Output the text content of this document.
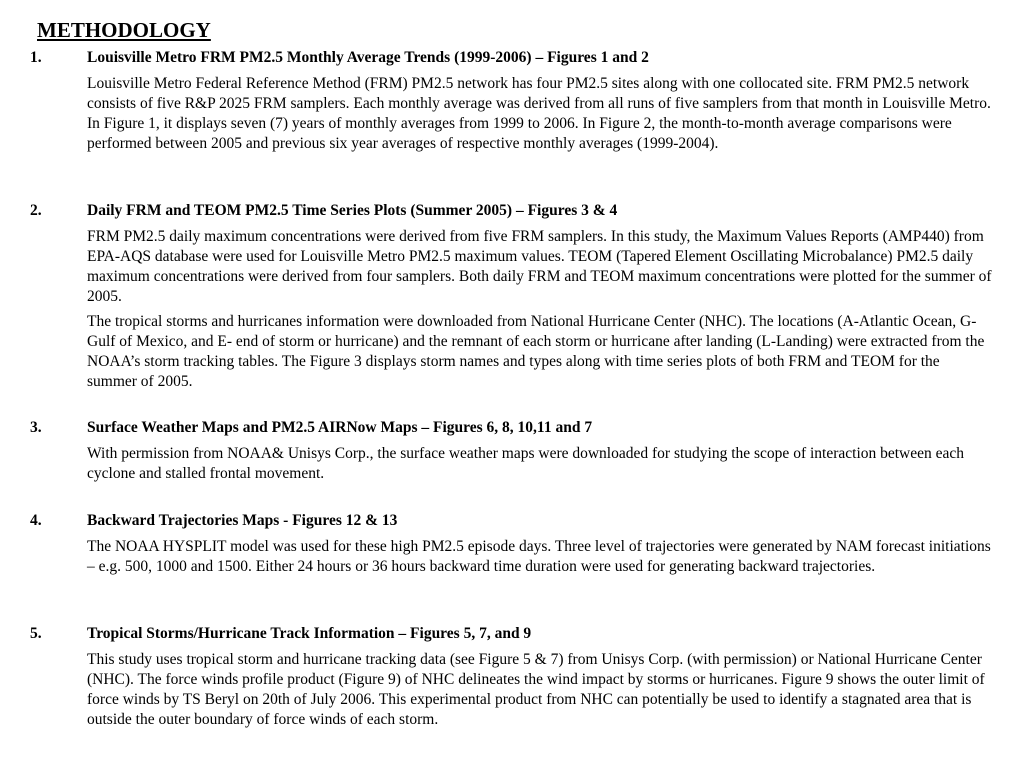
METHODOLOGY
1.	Louisville Metro FRM PM2.5 Monthly Average Trends (1999-2006) – Figures 1 and 2

Louisville Metro Federal Reference Method (FRM) PM2.5 network has four PM2.5 sites along with one collocated site. FRM PM2.5 network consists of five R&P 2025 FRM samplers. Each monthly average was derived from all runs of five samplers from that month in Louisville Metro. In Figure 1, it displays seven (7) years of monthly averages from 1999 to 2006. In Figure 2, the month-to-month average comparisons were performed between 2005 and previous six year averages of respective monthly averages (1999-2004).

2.	Daily FRM and TEOM PM2.5 Time Series Plots (Summer 2005) – Figures 3 & 4

FRM PM2.5 daily maximum concentrations were derived from five FRM samplers. In this study, the Maximum Values Reports (AMP440) from EPA-AQS database were used for Louisville Metro PM2.5 maximum values. TEOM (Tapered Element Oscillating Microbalance) PM2.5 daily maximum concentrations were derived from four samplers. Both daily FRM and TEOM maximum concentrations were plotted for the summer of 2005.

The tropical storms and hurricanes information were downloaded from National Hurricane Center (NHC). The locations (A-Atlantic Ocean, G- Gulf of Mexico, and E- end of storm or hurricane) and the remnant of each storm or hurricane after landing (L-Landing) were extracted from the NOAA’s storm tracking tables. The Figure 3 displays storm names and types along with time series plots of both FRM and TEOM for the summer of 2005.

3.	Surface Weather Maps and PM2.5 AIRNow Maps – Figures 6, 8, 10,11 and 7

With permission from NOAA& Unisys Corp., the surface weather maps were downloaded for studying the scope of interaction between each cyclone and stalled frontal movement.

4.	Backward Trajectories Maps - Figures 12 & 13

The NOAA HYSPLIT model was used for these high PM2.5 episode days. Three level of trajectories were generated by NAM forecast initiations – e.g. 500, 1000 and 1500. Either 24 hours or 36 hours backward time duration were used for generating backward trajectories.

5.	Tropical Storms/Hurricane Track Information – Figures 5, 7, and 9

This study uses tropical storm and hurricane tracking data (see Figure 5 & 7) from Unisys Corp. (with permission) or National Hurricane Center (NHC). The force winds profile product (Figure 9) of NHC delineates the wind impact by storms or hurricanes. Figure 9 shows the outer limit of force winds by TS Beryl on 20th of July 2006. This experimental product from NHC can potentially be used to identify a stagnated area that is outside the outer boundary of force winds of each storm.
